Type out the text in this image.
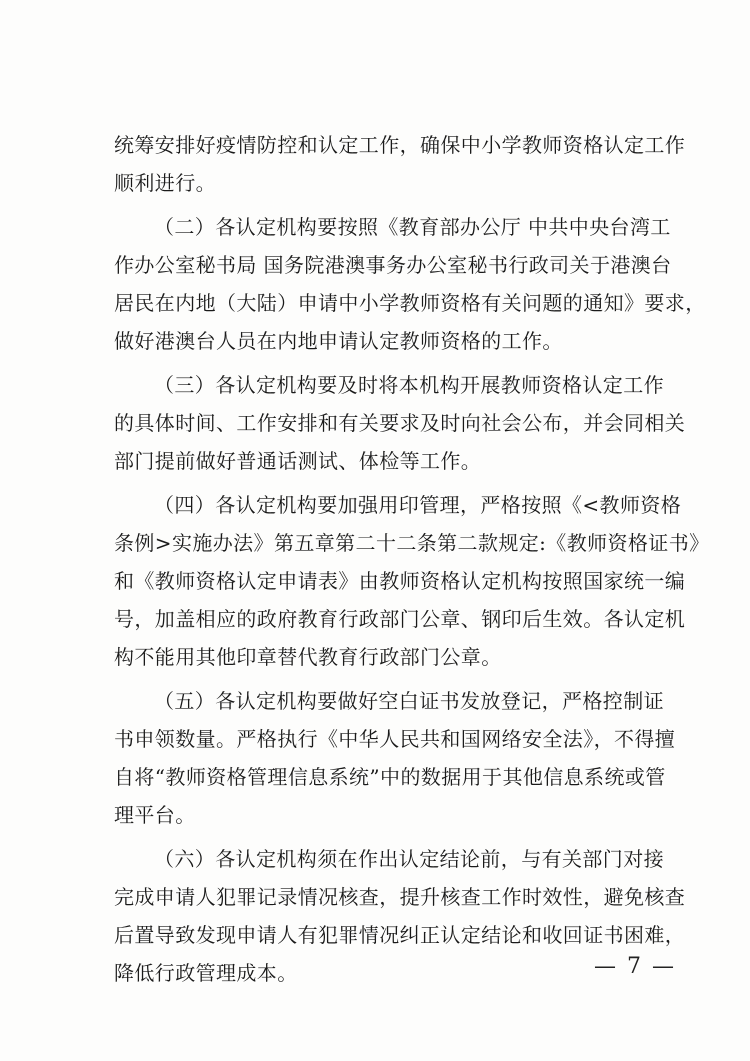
统筹安排好疫情防控和认定工作，确保中小学教师资格认定工作
顺利进行。
（二）各认定机构要按照《教育部办公厅 中共中央台湾工
作办公室秘书局 国务院港澳事务办公室秘书行政司关于港澳台
居民在内地（大陆）申请中小学教师资格有关问题的通知》要求，
做好港澳台人员在内地申请认定教师资格的工作。
（三）各认定机构要及时将本机构开展教师资格认定工作
的具体时间、工作安排和有关要求及时向社会公布，并会同相关
部门提前做好普通话测试、体检等工作。
（四）各认定机构要加强用印管理，严格按照《<教师资格
条例>实施办法》第五章第二十二条第二款规定:《教师资格证书》
和《教师资格认定申请表》由教师资格认定机构按照国家统一编
号，加盖相应的政府教育行政部门公章、钢印后生效。各认定机
构不能用其他印章替代教育行政部门公章。
（五）各认定机构要做好空白证书发放登记，严格控制证
书申领数量。严格执行《中华人民共和国网络安全法》，不得擅
自将“教师资格管理信息系统”中的数据用于其他信息系统或管
理平台。
（六）各认定机构须在作出认定结论前，与有关部门对接
完成申请人犯罪记录情况核查，提升核查工作时效性，避免核查
后置导致发现申请人有犯罪情况纠正认定结论和收回证书困难，
降低行政管理成本。	— 7 —
